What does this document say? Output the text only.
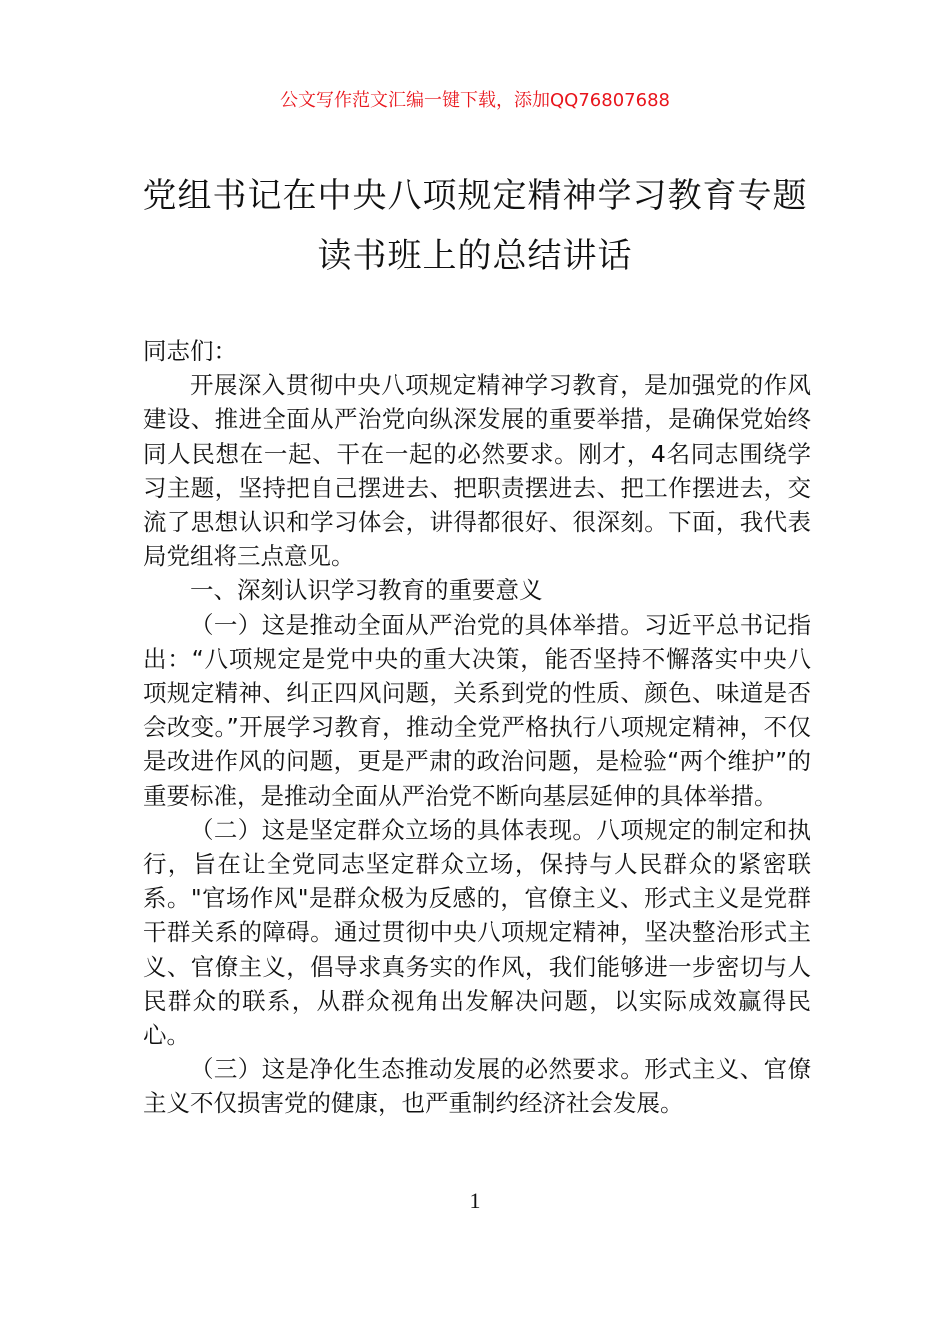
公文写作范文汇编一键下载，添加QQ76807688
党组书记在中央八项规定精神学习教育专题读书班上的总结讲话

同志们：

开展深入贯彻中央八项规定精神学习教育，是加强党的作风建设、推进全面从严治党向纵深发展的重要举措，是确保党始终同人民想在一起、干在一起的必然要求。刚才，4名同志围绕学习主题，坚持把自己摆进去、把职责摆进去、把工作摆进去，交流了思想认识和学习体会，讲得都很好、很深刻。下面，我代表局党组将三点意见。

一、深刻认识学习教育的重要意义

（一）这是推动全面从严治党的具体举措。习近平总书记指出：“八项规定是党中央的重大决策，能否坚持不懈落实中央八项规定精神、纠正四风问题，关系到党的性质、颜色、味道是否会改变。”开展学习教育，推动全党严格执行八项规定精神，不仅是改进作风的问题，更是严肃的政治问题，是检验“两个维护”的重要标准，是推动全面从严治党不断向基层延伸的具体举措。

（二）这是坚定群众立场的具体表现。八项规定的制定和执行，旨在让全党同志坚定群众立场，保持与人民群众的紧密联系。"官场作风"是群众极为反感的，官僚主义、形式主义是党群干群关系的障碍。通过贯彻中央八项规定精神，坚决整治形式主义、官僚主义，倡导求真务实的作风，我们能够进一步密切与人民群众的联系，从群众视角出发解决问题，以实际成效赢得民心。

（三）这是净化生态推动发展的必然要求。形式主义、官僚主义不仅损害党的健康，也严重制约经济社会发展。

1
